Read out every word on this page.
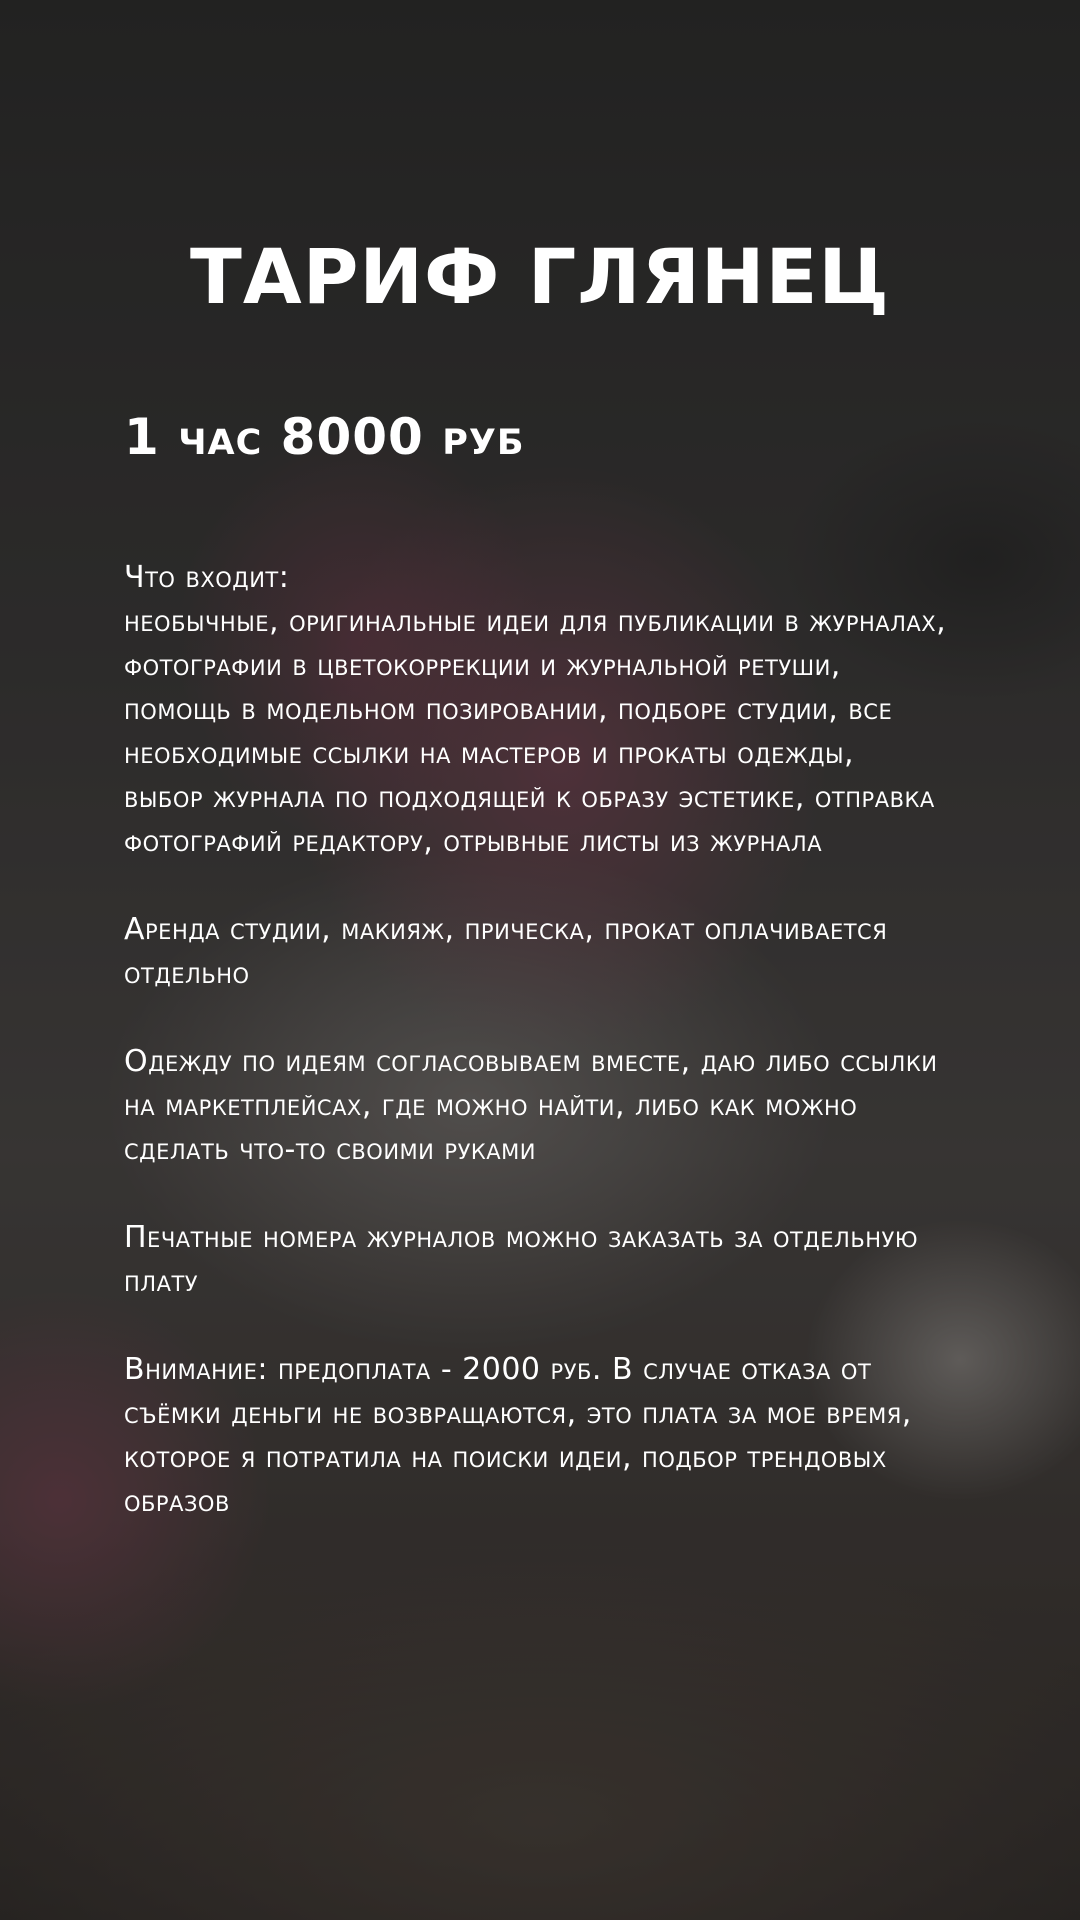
ТАРИФ ГЛЯНЕЦ
1 час 8000 руб

Что входит:

необычные, оригинальные идеи для публикации в журналах, фотографии в цветокоррекции и журнальной ретуши,

помощь в модельном позировании, подборе студии, все необходимые ссылки на мастеров и прокаты одежды,

выбор журнала по подходящей к образу эстетике, отправка фотографий редактору, отрывные листы из журнала

Аренда студии, макияж, прическа, прокат оплачивается отдельно

Одежду по идеям согласовываем вместе, даю либо ссылки на маркетплейсах, где можно найти, либо как можно сделать что-то своими руками

Печатные номера журналов можно заказать за отдельную плату

Внимание: предоплата - 2000 руб. В случае отказа от съёмки деньги не возвращаются, это плата за мое время, которое я потратила на поиски идеи, подбор трендовых образов
